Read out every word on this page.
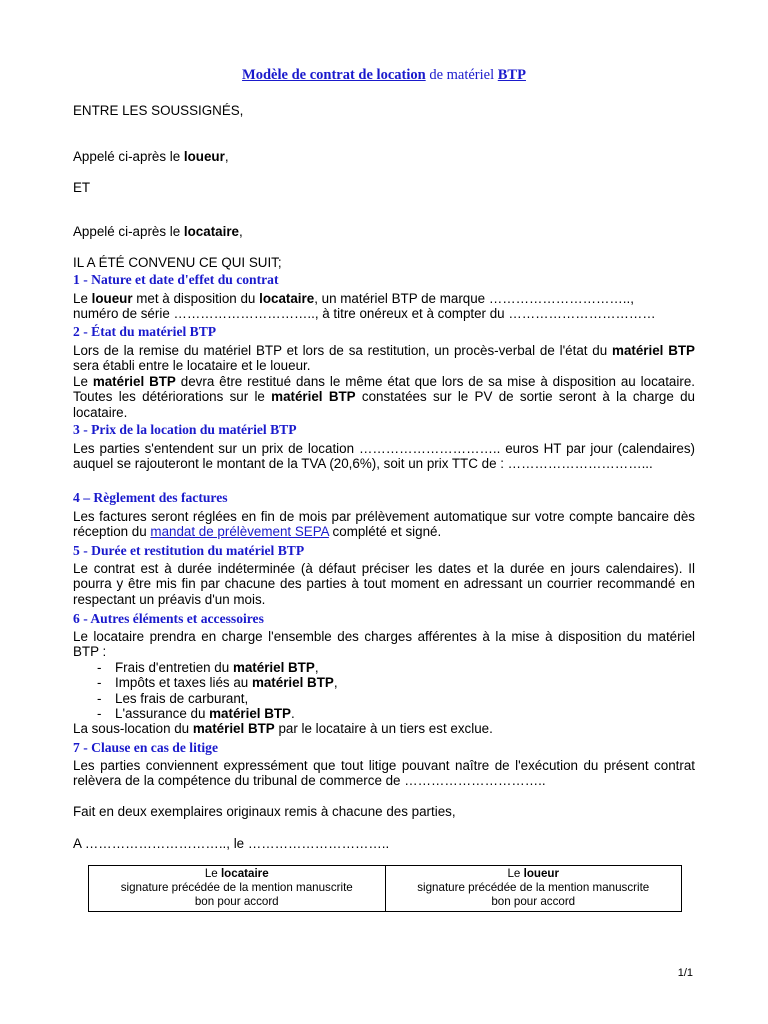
Modèle de contrat de location de matériel BTP
ENTRE LES SOUSSIGNÉS,
Appelé ci-après le loueur,
ET
Appelé ci-après le locataire,
IL A ÉTÉ CONVENU CE QUI SUIT;
1 - Nature et date d'effet du contrat
Le loueur met à disposition du locataire, un matériel BTP de marque …………………………..,
numéro de série ………………………….., à titre onéreux et à compter du ……………………………
2 - État du matériel BTP
Lors de la remise du matériel BTP et lors de sa restitution, un procès-verbal de l'état du matériel BTP sera établi entre le locataire et le loueur.
Le matériel BTP devra être restitué dans le même état que lors de sa mise à disposition au locataire. Toutes les détériorations sur le matériel BTP constatées sur le PV de sortie seront à la charge du locataire.
3 - Prix de la location du matériel BTP
Les parties s'entendent sur un prix de location ………………………….. euros HT par jour (calendaires) auquel se rajouteront le montant de la TVA (20,6%), soit un prix TTC de : …………………………...
4 – Règlement des factures
Les factures seront réglées en fin de mois par prélèvement automatique sur votre compte bancaire dès réception du mandat de prélèvement SEPA complété et signé.
5 - Durée et restitution du matériel BTP
Le contrat est à durée indéterminée (à défaut préciser les dates et la durée en jours calendaires). Il pourra y être mis fin par chacune des parties à tout moment en adressant un courrier recommandé en respectant un préavis d'un mois.
6 - Autres éléments et accessoires
Le locataire prendra en charge l'ensemble des charges afférentes à la mise à disposition du matériel BTP :
- Frais d'entretien du matériel BTP,
- Impôts et taxes liés au matériel BTP,
- Les frais de carburant,
- L'assurance du matériel BTP.
La sous-location du matériel BTP par le locataire à un tiers est exclue.
7 - Clause en cas de litige
Les parties conviennent expressément que tout litige pouvant naître de l'exécution du présent contrat relèvera de la compétence du tribunal de commerce de …………………………..
Fait en deux exemplaires originaux remis à chacune des parties,
A ………………………….., le …………………………..
Le locataire
signature précédée de la mention manuscrite
bon pour accord

Le loueur
signature précédée de la mention manuscrite
bon pour accord
1/1
